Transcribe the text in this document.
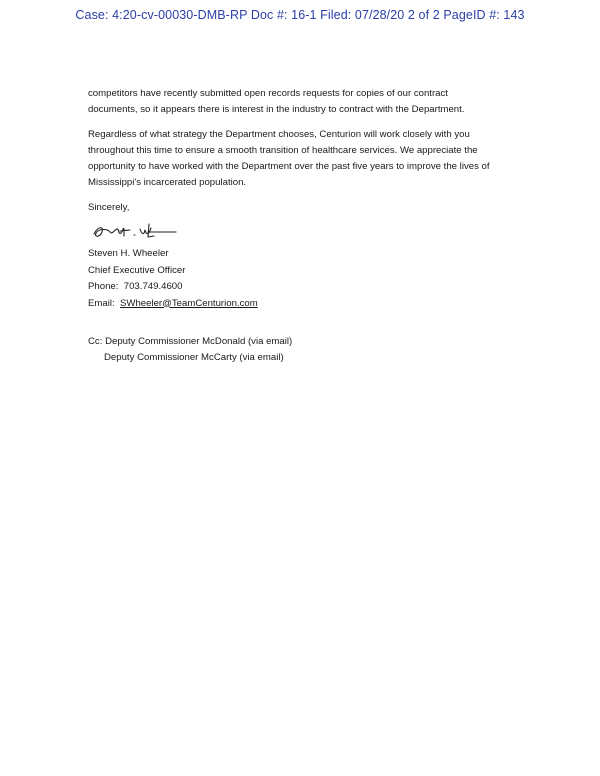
Case: 4:20-cv-00030-DMB-RP Doc #: 16-1 Filed: 07/28/20 2 of 2 PageID #: 143
competitors have recently submitted open records requests for copies of our contract
documents, so it appears there is interest in the industry to contract with the Department.
Regardless of what strategy the Department chooses, Centurion will work closely with you
throughout this time to ensure a smooth transition of healthcare services. We appreciate the
opportunity to have worked with the Department over the past five years to improve the lives of
Mississippi's incarcerated population.
Sincerely,
Steven H. Wheeler
Chief Executive Officer
Phone: 703.749.4600
Email: SWheeler@TeamCenturion.com
Cc: Deputy Commissioner McDonald (via email)
Deputy Commissioner McCarty (via email)
